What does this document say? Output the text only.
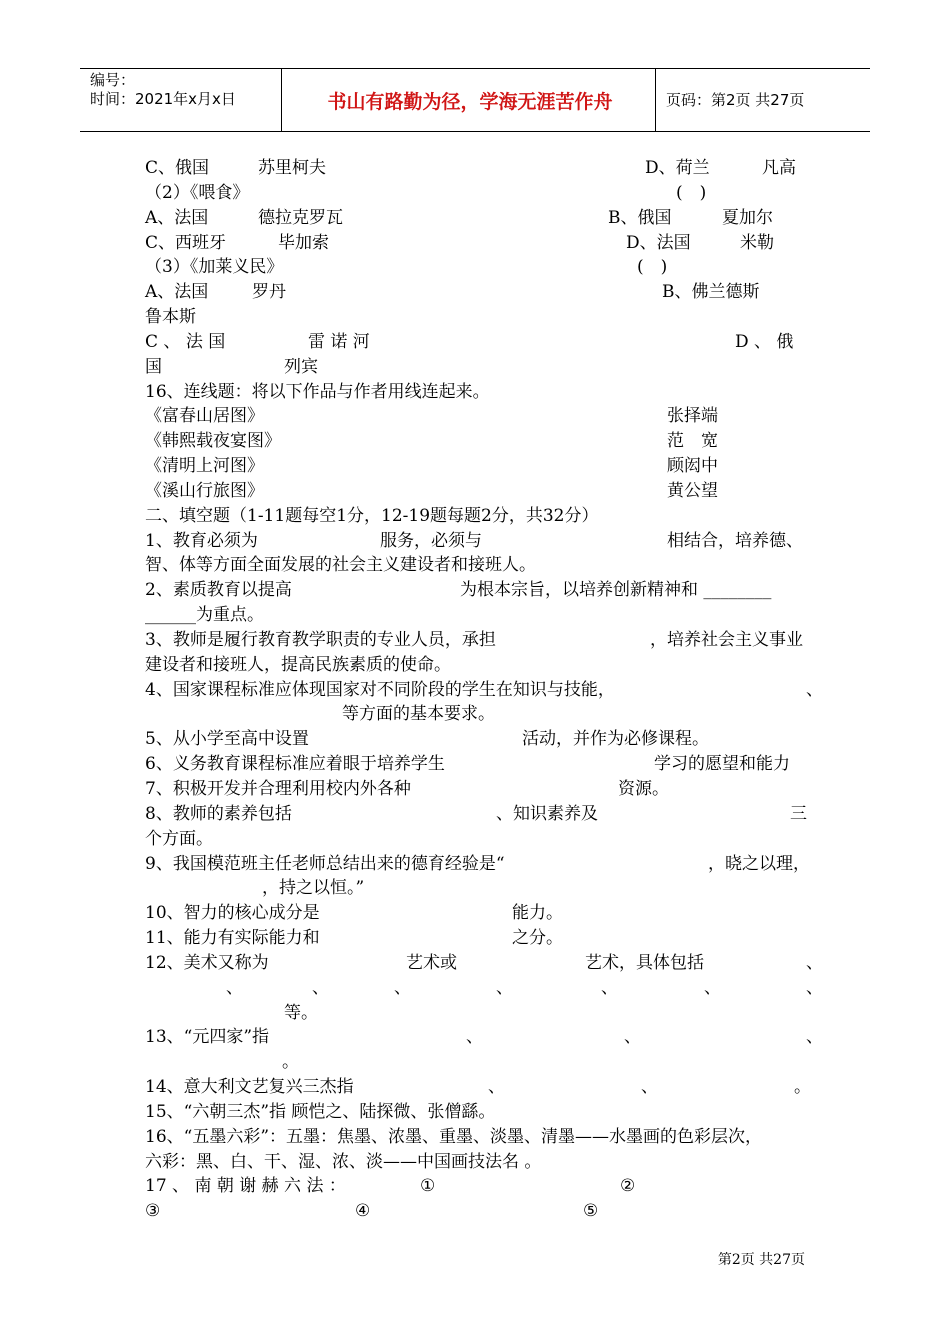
编号：
时间：2021年x月x日	书山有路勤为径，学海无涯苦作舟	页码：第2页 共27页
C、俄国	苏里柯夫	D、荷兰	凡高
（2）《喂食》	(　)
A、法国	德拉克罗瓦	B、俄国	夏加尔
C、西班牙	毕加索	D、法国	米勒
（3）《加莱义民》	(　)
A、法国	罗丹	B、佛兰德斯
鲁本斯
C 、 法 国	雷 诺 河	D 、 俄
国	列宾
16、连线题：将以下作品与作者用线连起来。
《富春山居图》	张择端
《韩熙载夜宴图》	范　宽
《清明上河图》	顾闳中
《溪山行旅图》	黄公望
二、填空题（1-11题每空1分，12-19题每题2分，共32分）
1、教育必须为	服务，必须与	相结合，培养德、
智、体等方面全面发展的社会主义建设者和接班人。
2、素质教育以提高	为根本宗旨，以培养创新精神和 ________
______为重点。
3、教师是履行教育教学职责的专业人员，承担	，培养社会主义事业
建设者和接班人，提高民族素质的使命。
4、国家课程标准应体现国家对不同阶段的学生在知识与技能，	、
等方面的基本要求。
5、从小学至高中设置	活动，并作为必修课程。
6、义务教育课程标准应着眼于培养学生	学习的愿望和能力
7、积极开发并合理利用校内外各种	资源。
8、教师的素养包括	、知识素养及	三
个方面。
9、我国模范班主任老师总结出来的德育经验是“	，晓之以理，
，持之以恒。”
10、智力的核心成分是	能力。
11、能力有实际能力和	之分。
12、美术又称为	艺术或	艺术，具体包括	、
、	、	、	、	、	、	、
等。
13、“元四家”指	、	、	、
。
14、意大利文艺复兴三杰指	、	、	。
15、“六朝三杰”指 顾恺之、陆探微、张僧繇。
16、“五墨六彩”：五墨：焦墨、浓墨、重墨、淡墨、清墨——水墨画的色彩层次，
六彩：黑、白、干、湿、浓、淡——中国画技法名 。
17 、 南 朝 谢 赫 六 法 ：	①	②
③	④	⑤
第2页 共27页
